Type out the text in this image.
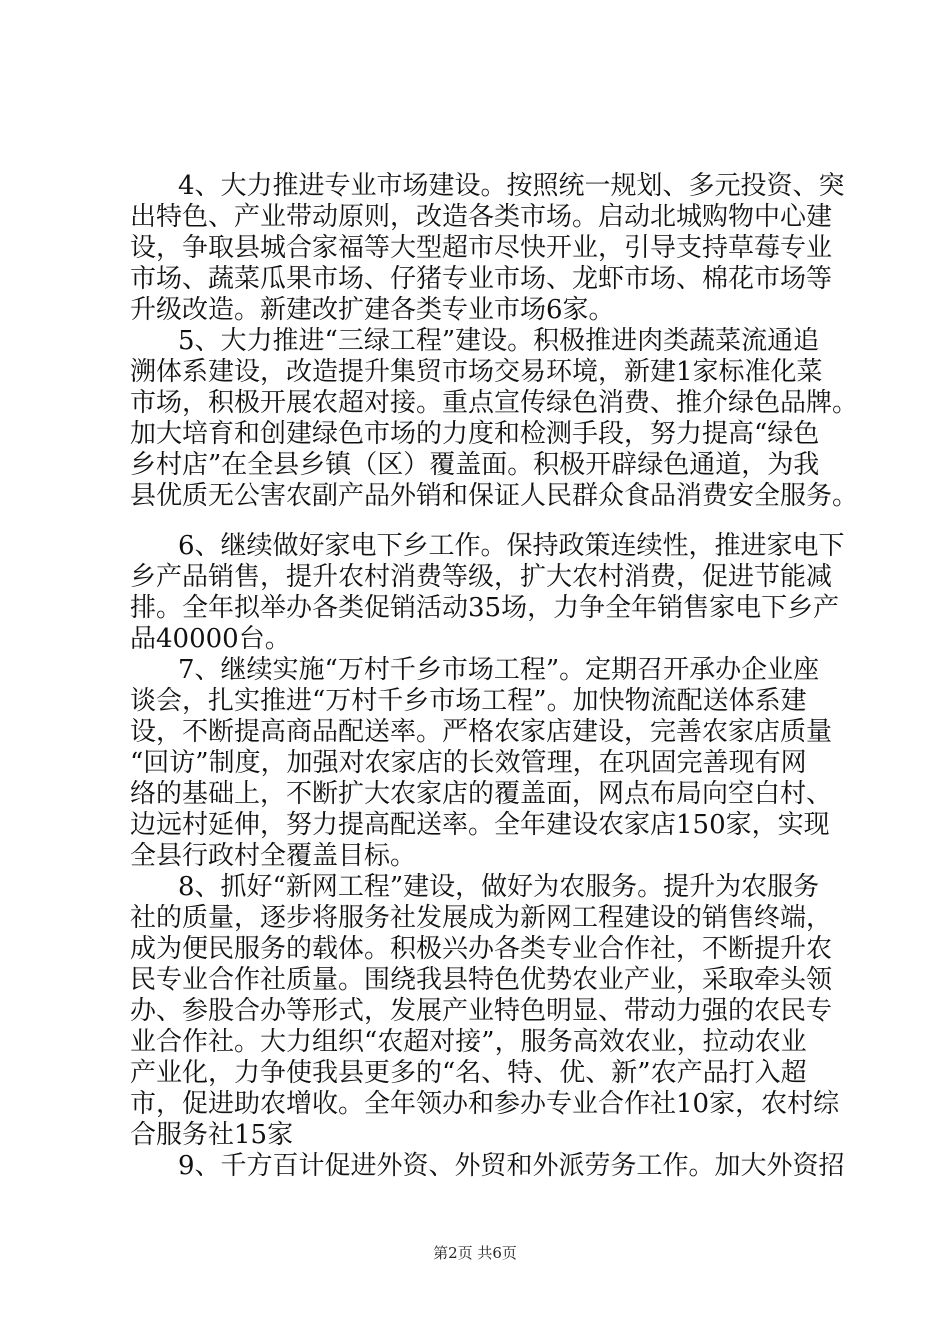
4、大力推进专业市场建设。按照统一规划、多元投资、突
出特色、产业带动原则，改造各类市场。启动北城购物中心建
设，争取县城合家福等大型超市尽快开业，引导支持草莓专业
市场、蔬菜瓜果市场、仔猪专业市场、龙虾市场、棉花市场等
升级改造。新建改扩建各类专业市场6家。
5、大力推进“三绿工程”建设。积极推进肉类蔬菜流通追
溯体系建设，改造提升集贸市场交易环境，新建1家标准化菜
市场，积极开展农超对接。重点宣传绿色消费、推介绿色品牌。
加大培育和创建绿色市场的力度和检测手段，努力提高“绿色
乡村店”在全县乡镇（区）覆盖面。积极开辟绿色通道，为我
县优质无公害农副产品外销和保证人民群众食品消费安全服务。
6、继续做好家电下乡工作。保持政策连续性，推进家电下
乡产品销售，提升农村消费等级，扩大农村消费，促进节能减
排。全年拟举办各类促销活动35场，力争全年销售家电下乡产
品40000台。
7、继续实施“万村千乡市场工程”。定期召开承办企业座
谈会，扎实推进“万村千乡市场工程”。加快物流配送体系建
设，不断提高商品配送率。严格农家店建设，完善农家店质量
“回访”制度，加强对农家店的长效管理，在巩固完善现有网
络的基础上，不断扩大农家店的覆盖面，网点布局向空白村、
边远村延伸，努力提高配送率。全年建设农家店150家，实现
全县行政村全覆盖目标。
8、抓好“新网工程”建设，做好为农服务。提升为农服务
社的质量，逐步将服务社发展成为新网工程建设的销售终端，
成为便民服务的载体。积极兴办各类专业合作社，不断提升农
民专业合作社质量。围绕我县特色优势农业产业，采取牵头领
办、参股合办等形式，发展产业特色明显、带动力强的农民专
业合作社。大力组织“农超对接”，服务高效农业，拉动农业
产业化，力争使我县更多的“名、特、优、新”农产品打入超
市，促进助农增收。全年领办和参办专业合作社10家，农村综
合服务社15家
9、千方百计促进外资、外贸和外派劳务工作。加大外资招
第2页 共6页
